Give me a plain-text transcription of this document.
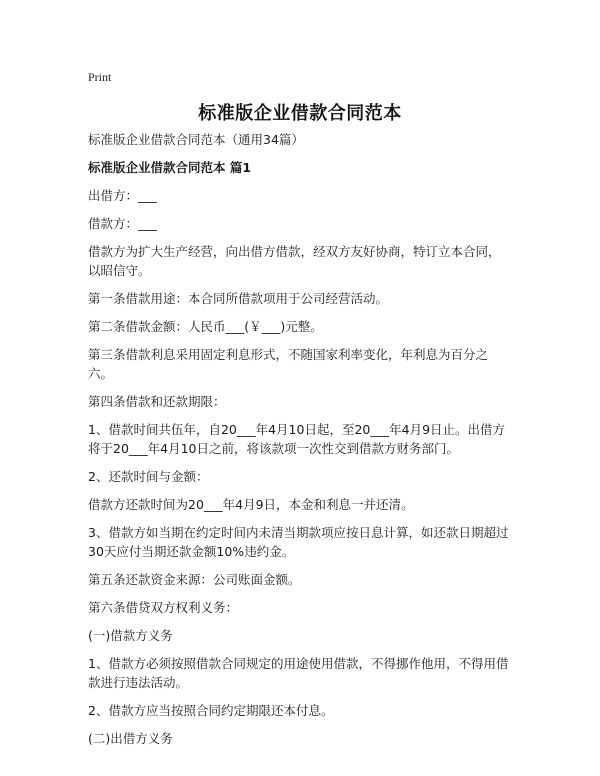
Print
标准版企业借款合同范本

标准版企业借款合同范本（通用34篇）

标准版企业借款合同范本 篇1

出借方：___

借款方：___

借款方为扩大生产经营，向出借方借款，经双方友好协商，特订立本合同，以昭信守。

第一条借款用途：本合同所借款项用于公司经营活动。

第二条借款金额：人民币___(￥___)元整。

第三条借款利息采用固定利息形式，不随国家利率变化，年利息为百分之六。

第四条借款和还款期限：

1、借款时间共伍年，自20___年4月10日起，至20___年4月9日止。出借方将于20___年4月10日之前，将该款项一次性交到借款方财务部门。

2、还款时间与金额：

借款方还款时间为20___年4月9日，本金和利息一并还清。

3、借款方如当期在约定时间内未清当期款项应按日息计算，如还款日期超过30天应付当期还款金额10%违约金。

第五条还款资金来源：公司账面金额。

第六条借贷双方权利义务：

(一)借款方义务

1、借款方必须按照借款合同规定的用途使用借款，不得挪作他用，不得用借款进行违法活动。

2、借款方应当按照合同约定期限还本付息。

(二)出借方义务
